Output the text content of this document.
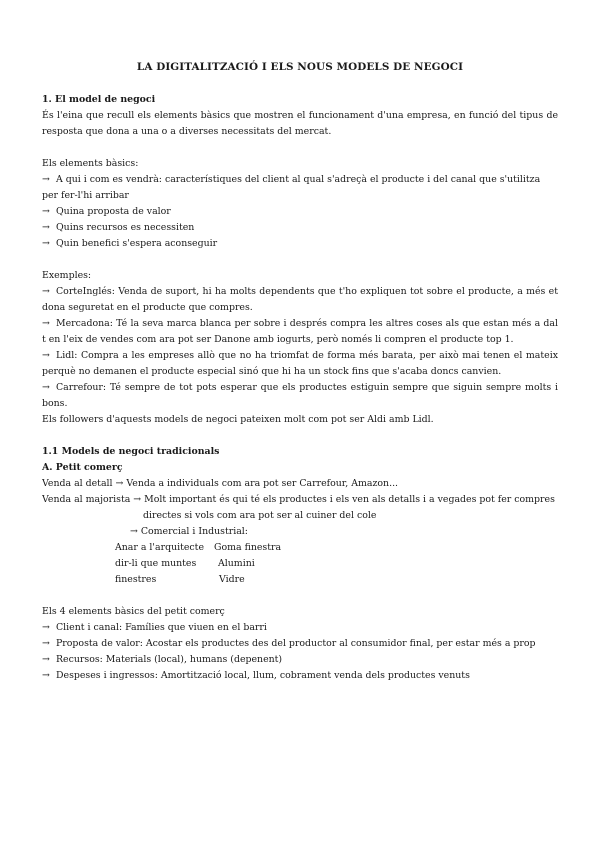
LA DIGITALITZACIÓ I ELS NOUS MODELS DE NEGOCI
1. El model de negoci
És l'eina que recull els elements bàsics que mostren el funcionament d'una empresa, en funció del tipus de resposta que dona a una o a diverses necessitats del mercat.
Els elements bàsics:
→ A qui i com es vendrà: característiques del client al qual s'adreçà el producte i del canal que s'utilitza per fer-l'hi arribar
→ Quina proposta de valor
→ Quins recursos es necessiten
→ Quin benefici s'espera aconseguir
Exemples:
→ CorteInglés: Venda de suport, hi ha molts dependents que t'ho expliquen tot sobre el producte, a més et dona seguretat en el producte que compres.
→ Mercadona: Té la seva marca blanca per sobre i després compra les altres coses als que estan més a dal t en l'eix de vendes com ara pot ser Danone amb iogurts, però només li compren el producte top 1.
→ Lidl: Compra a les empreses allò que no ha triomfat de forma més barata, per això mai tenen el mateix perquè no demanen el producte especial sinó que hi ha un stock fins que s'acaba doncs canvien.
→ Carrefour: Té sempre de tot pots esperar que els productes estiguin sempre que siguin sempre molts i bons.
Els followers d'aquests models de negoci pateixen molt com pot ser Aldi amb Lidl.
1.1 Models de negoci tradicionals
A. Petit comerç
Venda al detall → Venda a individuals com ara pot ser Carrefour, Amazon...
Venda al majorista → Molt important és qui té els productes i els ven als detalls i a vegades pot fer compres
directes si vols com ara pot ser al cuiner del cole
→ Comercial i Industrial:
Anar a l'arquitecte Goma finestra
dir-li que muntes Alumini
finestres	Vidre
Els 4 elements bàsics del petit comerç
→ Client i canal: Famílies que viuen en el barri
→ Proposta de valor: Acostar els productes des del productor al consumidor final, per estar més a prop
→ Recursos: Materials (local), humans (depenent)
→ Despeses i ingressos: Amortització local, llum, cobrament venda dels productes venuts
